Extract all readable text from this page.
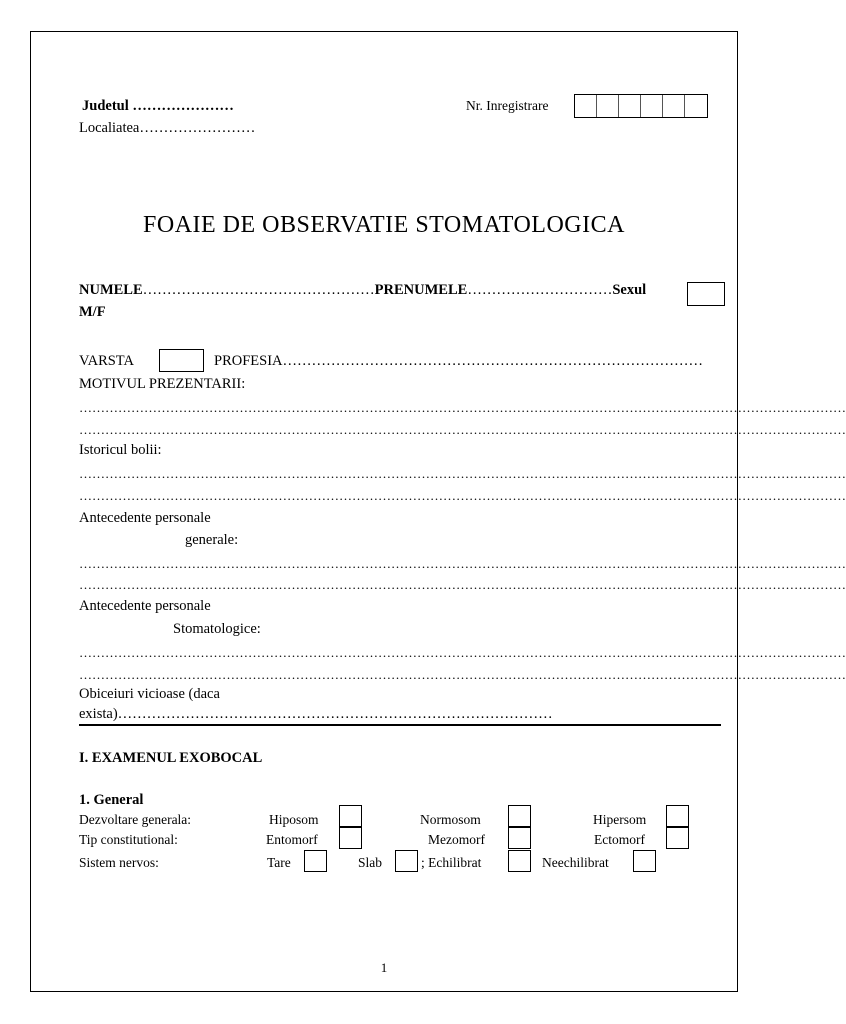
Judetul …………………
Localiatea……………………
Nr. Inregistrare
FOAIE DE OBSERVATIE STOMATOLOGICA
NUMELE…………………………………………PRENUMELE…………………………Sexul
M/F
VARSTA	PROFESIA……………………………………………………………………………
MOTIVUL PREZENTARII:
……………………………………………………………………………………………………………………………………………………………
……………………………………………………………………………………………………………………………………………………………
Istoricul bolii:
……………………………………………………………………………………………………………………………………………………………
……………………………………………………………………………………………………………………………………………………………
Antecedente personale
generale:
……………………………………………………………………………………………………………………………………………………………
……………………………………………………………………………………………………………………………………………………………
Antecedente personale
Stomatologice:
……………………………………………………………………………………………………………………………………………………………
……………………………………………………………………………………………………………………………………………………………
Obiceiuri vicioase (daca
exista)………………………………………………………………………………
I. EXAMENUL EXOBOCAL
1. General
Dezvoltare generala:	Hiposom	Normosom	Hipersom
Tip constitutional:	Entomorf	Mezomorf	Ectomorf
Sistem nervos:	Tare	Slab	; Echilibrat	Neechilibrat
1
